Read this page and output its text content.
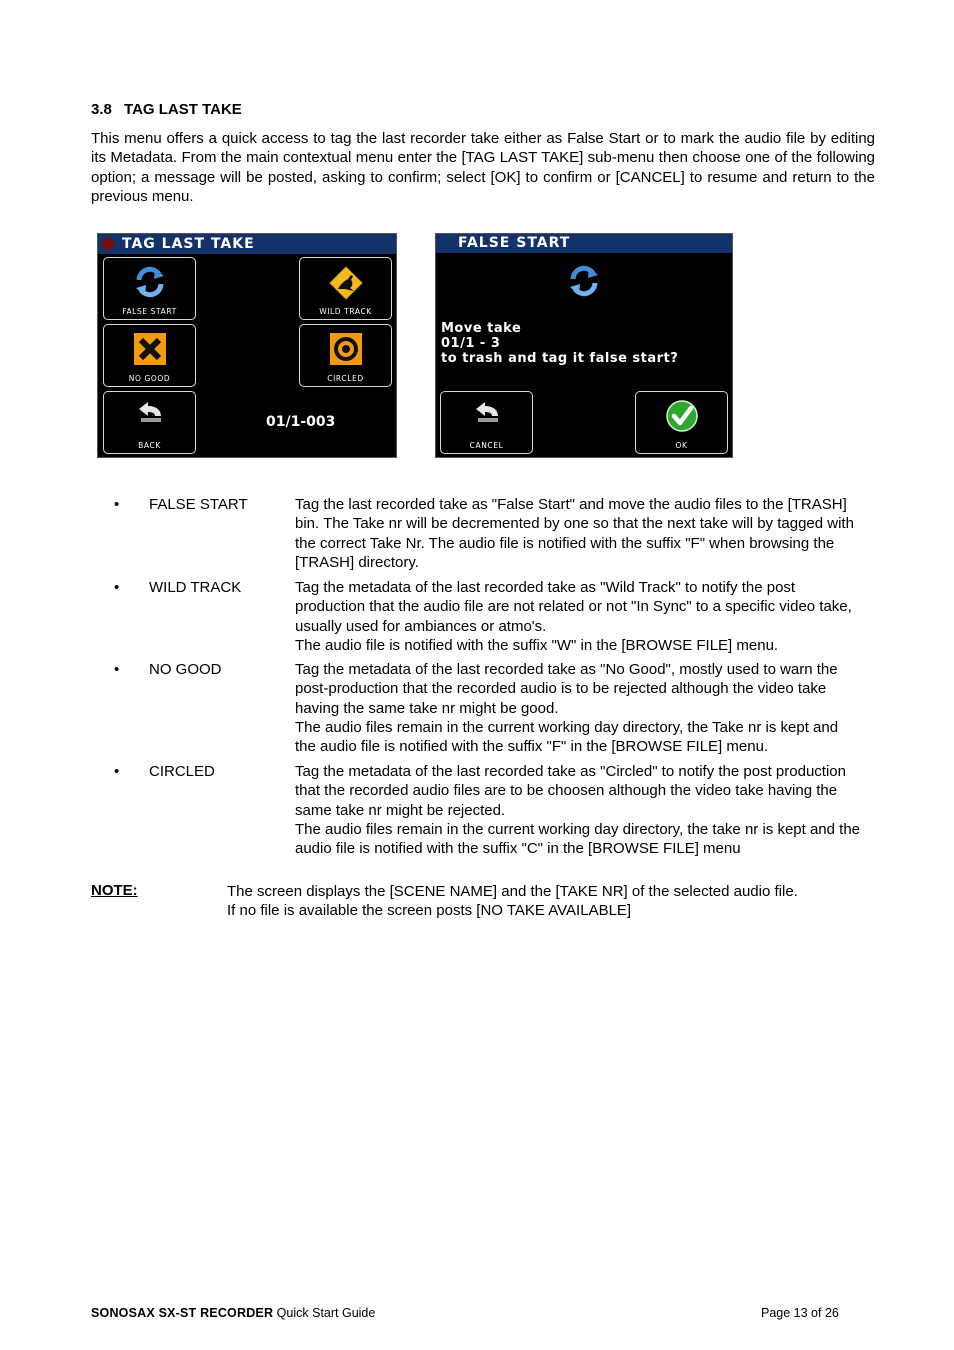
3.8 TAG LAST TAKE

This menu offers a quick access to tag the last recorder take either as False Start or to mark the audio file by editing its Metadata. From the main contextual menu enter the [TAG LAST TAKE] sub-menu then choose one of the following option; a message will be posted, asking to confirm; select [OK] to confirm or [CANCEL] to resume and return to the previous menu.

TAG LAST TAKE
FALSE START	WILD TRACK
NO GOOD	CIRCLED
BACK
01/1-003
FALSE START
Move take
01/1 - 3
to trash and tag it false start?
CANCEL	OK
• FALSE START	Tag the last recorded take as "False Start" and move the audio files to the [TRASH] bin. The Take nr will be decremented by one so that the next take will by tagged with the correct Take Nr. The audio file is notified with the suffix "F" when browsing the [TRASH] directory.

• WILD TRACK	Tag the metadata of the last recorded take as "Wild Track" to notify the post production that the audio file are not related or not "In Sync" to a specific video take, usually used for ambiances or atmo's.

The audio file is notified with the suffix "W" in the [BROWSE FILE] menu.

• NO GOOD	Tag the metadata of the last recorded take as "No Good", mostly used to warn the post-production that the recorded audio is to be rejected although the video take having the same take nr might be good.

The audio files remain in the current working day directory, the Take nr is kept and the audio file is notified with the suffix "F" in the [BROWSE FILE] menu.

• CIRCLED	Tag the metadata of the last recorded take as "Circled" to notify the post production that the recorded audio files are to be choosen although the video take having the same take nr might be rejected.

The audio files remain in the current working day directory, the take nr is kept and the audio file is notified with the suffix "C" in the [BROWSE FILE] menu

NOTE:	The screen displays the [SCENE NAME] and the [TAKE NR] of the selected audio file.
If no file is available the screen posts [NO TAKE AVAILABLE]
SONOSAX SX-ST RECORDER Quick Start Guide	Page 13 of 26
